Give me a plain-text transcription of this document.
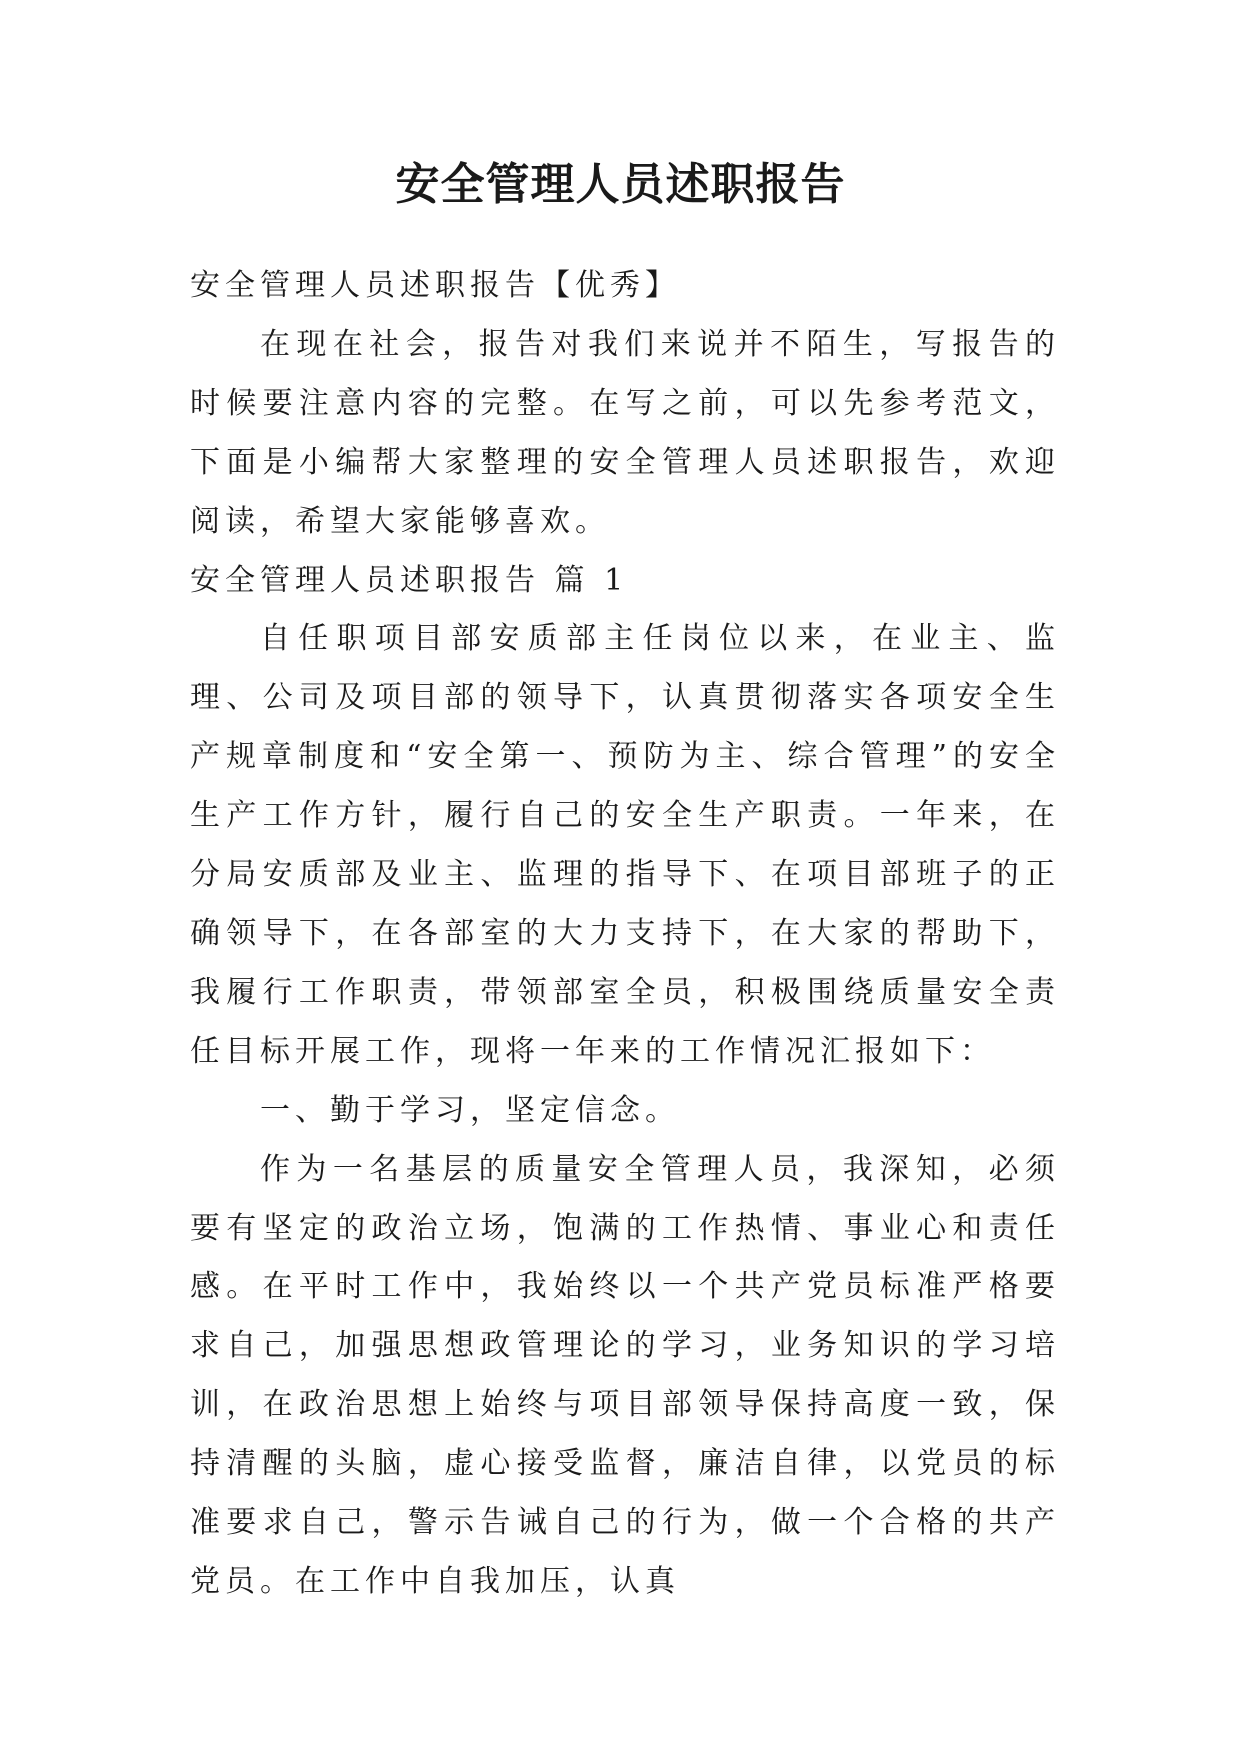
安全管理人员述职报告

安全管理人员述职报告【优秀】

在现在社会，报告对我们来说并不陌生，写报告的时候要注意内容的完整。在写之前，可以先参考范文，下面是小编帮大家整理的安全管理人员述职报告，欢迎阅读，希望大家能够喜欢。

安全管理人员述职报告 篇 1

自任职项目部安质部主任岗位以来，在业主、监理、公司及项目部的领导下，认真贯彻落实各项安全生产规章制度和“安全第一、预防为主、综合管理”的安全生产工作方针，履行自己的安全生产职责。一年来，在分局安质部及业主、监理的指导下、在项目部班子的正确领导下，在各部室的大力支持下，在大家的帮助下，我履行工作职责，带领部室全员，积极围绕质量安全责任目标开展工作，现将一年来的工作情况汇报如下：

一、勤于学习，坚定信念。

作为一名基层的质量安全管理人员，我深知，必须要有坚定的政治立场，饱满的工作热情、事业心和责任感。在平时工作中，我始终以一个共产党员标准严格要求自己，加强思想政管理论的学习，业务知识的学习培训，在政治思想上始终与项目部领导保持高度一致，保持清醒的头脑，虚心接受监督，廉洁自律，以党员的标准要求自己，警示告诫自己的行为，做一个合格的共产党员。在工作中自我加压，认真
